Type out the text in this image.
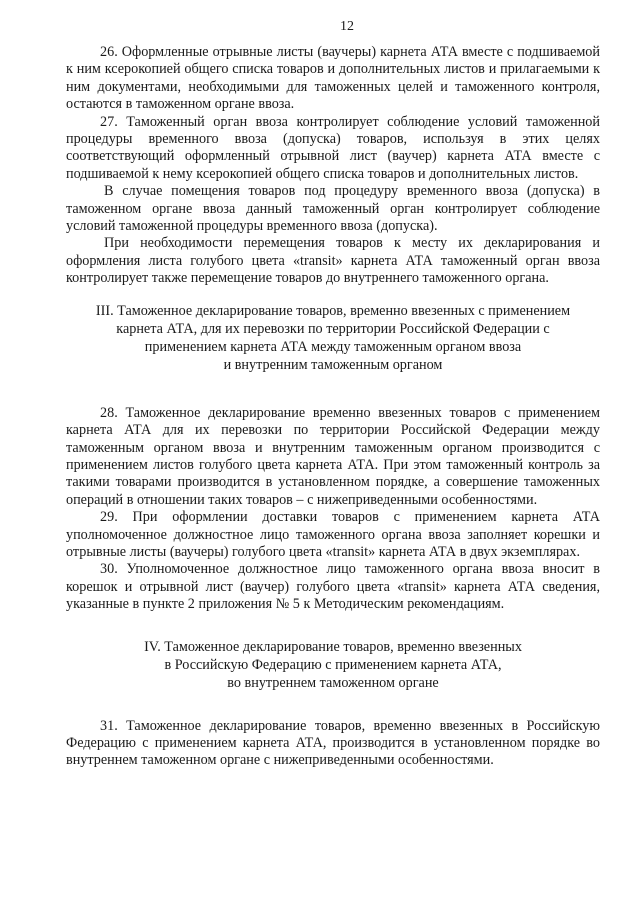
12

26. Оформленные отрывные листы (ваучеры) карнета АТА вместе с подшиваемой к ним ксерокопией общего списка товаров и дополнительных листов и прилагаемыми к ним документами, необходимыми для таможенных целей и таможенного контроля, остаются в таможенном органе ввоза.

27. Таможенный орган ввоза контролирует соблюдение условий таможенной процедуры временного ввоза (допуска) товаров, используя в этих целях соответствующий оформленный отрывной лист (ваучер) карнета АТА вместе с подшиваемой к нему ксерокопией общего списка товаров и дополнительных листов.

В случае помещения товаров под процедуру временного ввоза (допуска) в таможенном органе ввоза данный таможенный орган контролирует соблюдение условий таможенной процедуры временного ввоза (допуска).

При необходимости перемещения товаров к месту их декларирования и оформления листа голубого цвета «transit» карнета АТА таможенный орган ввоза контролирует также перемещение товаров до внутреннего таможенного органа.

III. Таможенное декларирование товаров, временно ввезенных с применением
карнета АТА, для их перевозки по территории Российской Федерации с
применением карнета АТА между таможенным органом ввоза
и внутренним таможенным органом

28. Таможенное декларирование временно ввезенных товаров с применением карнета АТА для их перевозки по территории Российской Федерации между таможенным органом ввоза и внутренним таможенным органом производится с применением листов голубого цвета карнета АТА. При этом таможенный контроль за такими товарами производится в установленном порядке, а совершение таможенных операций в отношении таких товаров – с нижеприведенными особенностями.

29. При оформлении доставки товаров с применением карнета АТА уполномоченное должностное лицо таможенного органа ввоза заполняет корешки и отрывные листы (ваучеры) голубого цвета «transit» карнета АТА в двух экземплярах.

30. Уполномоченное должностное лицо таможенного органа ввоза вносит в корешок и отрывной лист (ваучер) голубого цвета «transit» карнета АТА сведения, указанные в пункте 2 приложения № 5 к Методическим рекомендациям.

IV. Таможенное декларирование товаров, временно ввезенных
в Российскую Федерацию с применением карнета АТА,
во внутреннем таможенном органе

31. Таможенное декларирование товаров, временно ввезенных в Российскую Федерацию с применением карнета АТА, производится в установленном порядке во внутреннем таможенном органе с нижеприведенными особенностями.
